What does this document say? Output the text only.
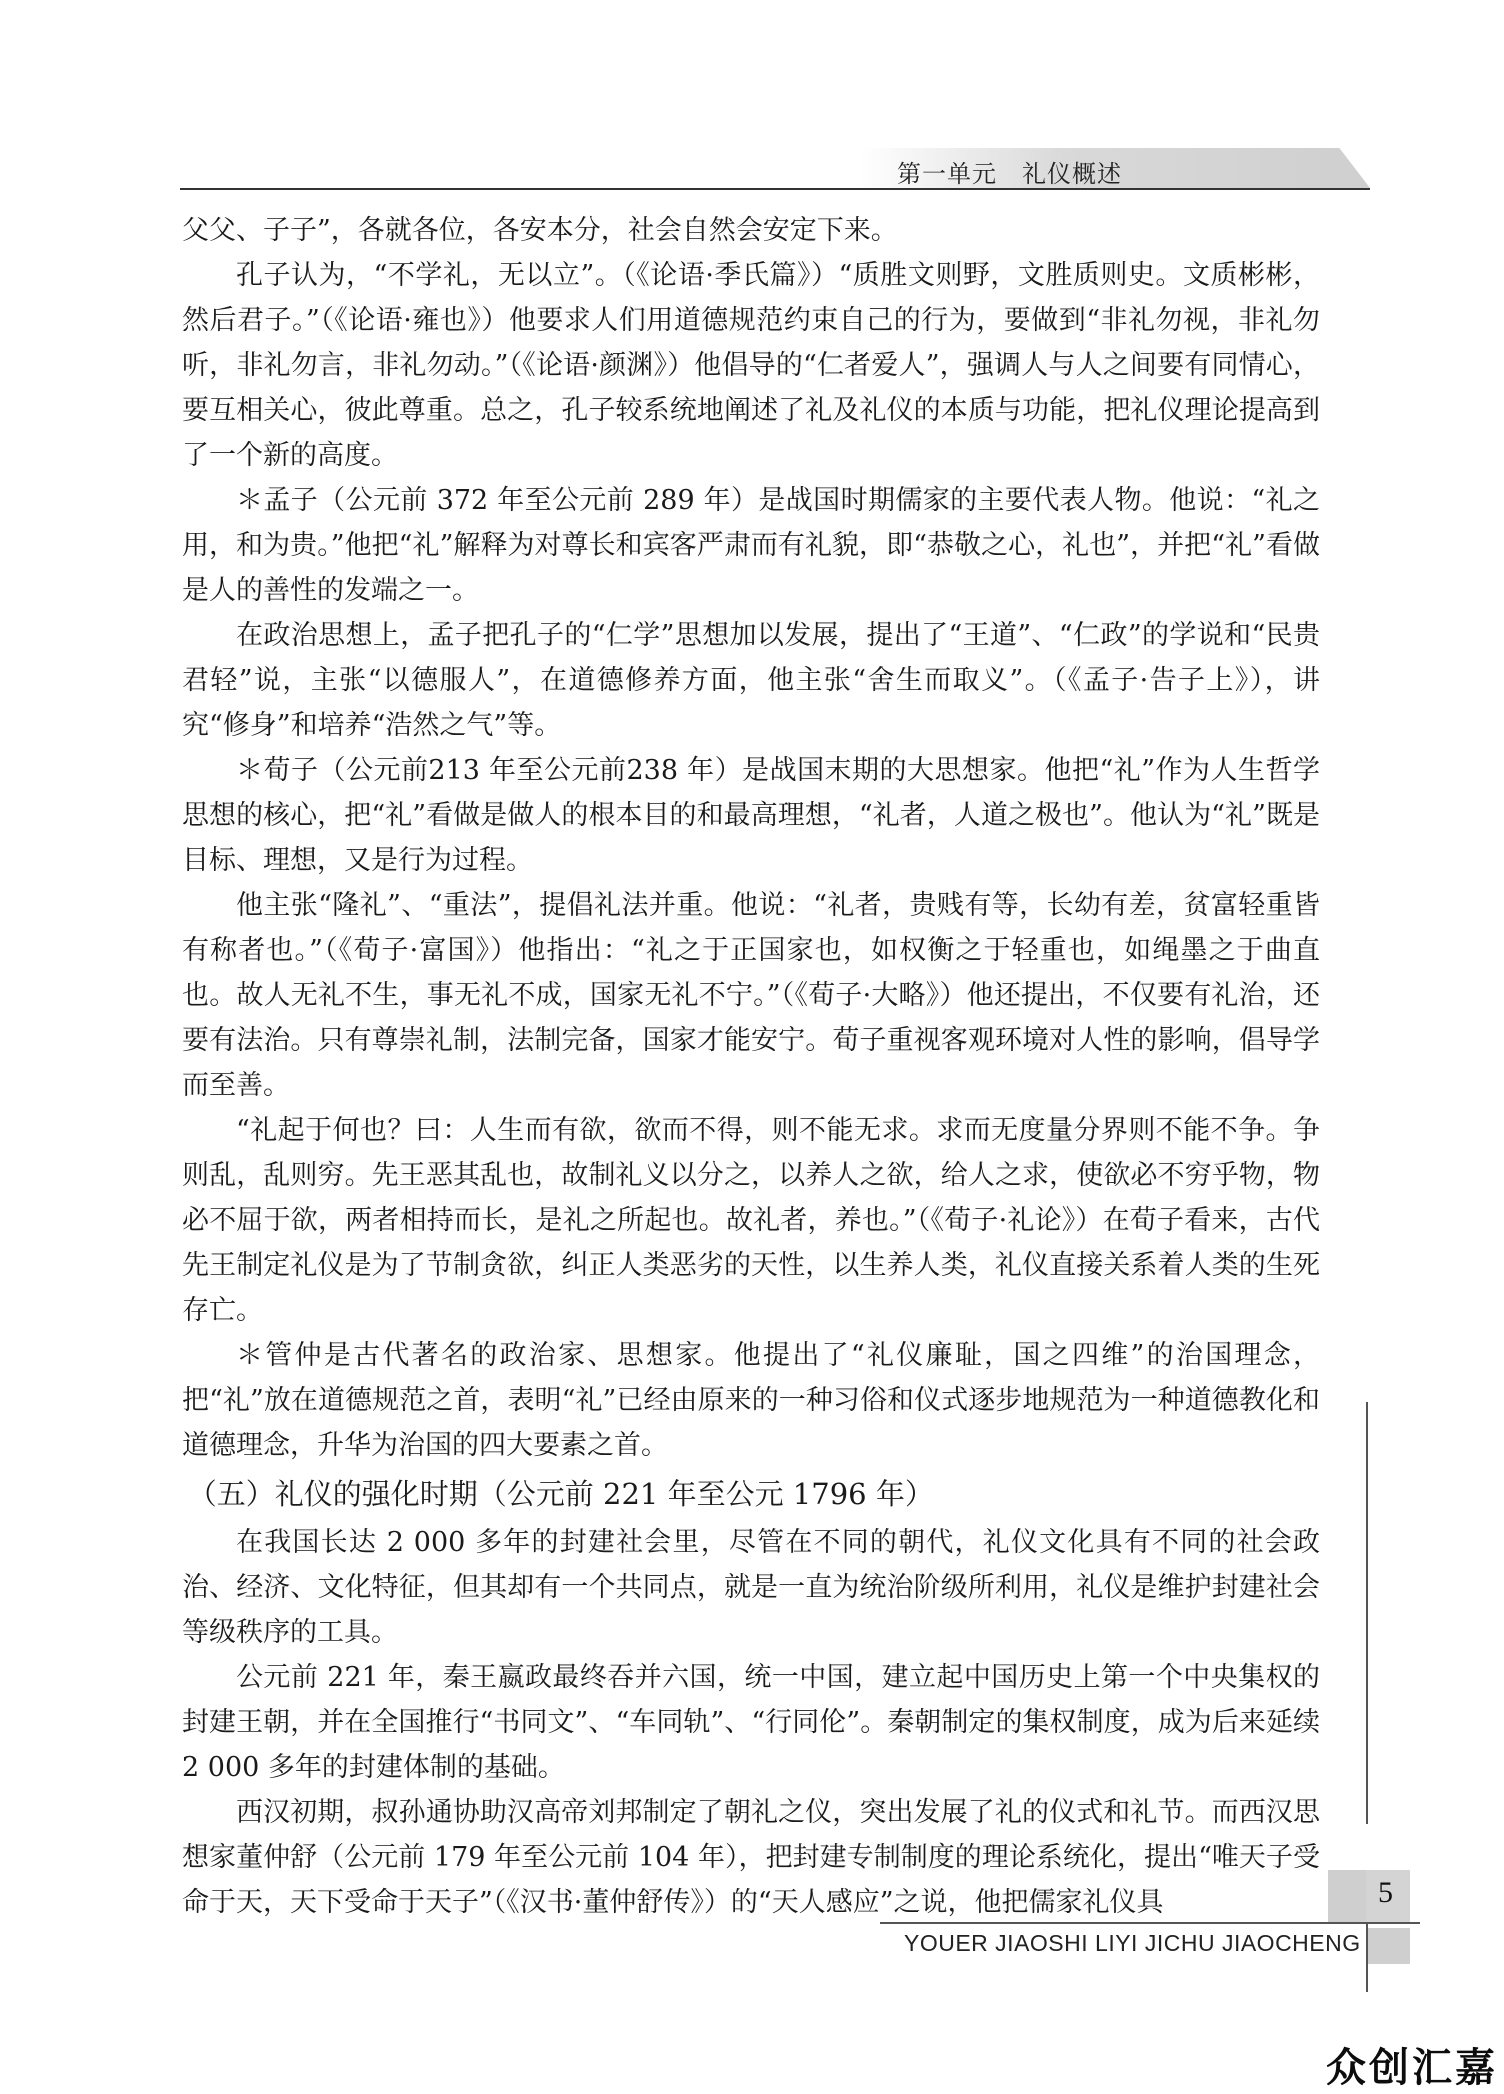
第一单元　礼仪概述

父父、子子”，各就各位，各安本分，社会自然会安定下来。

孔子认为，“不学礼，无以立”。（《论语·季氏篇》）“质胜文则野，文胜质则史。文质彬彬，然后君子。”（《论语·雍也》）他要求人们用道德规范约束自己的行为，要做到“非礼勿视，非礼勿听，非礼勿言，非礼勿动。”（《论语·颜渊》）他倡导的“仁者爱人”，强调人与人之间要有同情心，要互相关心，彼此尊重。总之，孔子较系统地阐述了礼及礼仪的本质与功能，把礼仪理论提高到了一个新的高度。

＊孟子（公元前 372 年至公元前 289 年）是战国时期儒家的主要代表人物。他说：“礼之用，和为贵。”他把“礼”解释为对尊长和宾客严肃而有礼貌，即“恭敬之心，礼也”，并把“礼”看做是人的善性的发端之一。

在政治思想上，孟子把孔子的“仁学”思想加以发展，提出了“王道”、“仁政”的学说和“民贵君轻”说，主张“以德服人”，在道德修养方面，他主张“舍生而取义”。（《孟子·告子上》），讲究“修身”和培养“浩然之气”等。

＊荀子（公元前213 年至公元前238 年）是战国末期的大思想家。他把“礼”作为人生哲学思想的核心，把“礼”看做是做人的根本目的和最高理想，“礼者，人道之极也”。他认为“礼”既是目标、理想，又是行为过程。

他主张“隆礼”、“重法”，提倡礼法并重。他说：“礼者，贵贱有等，长幼有差，贫富轻重皆有称者也。”（《荀子·富国》）他指出：“礼之于正国家也，如权衡之于轻重也，如绳墨之于曲直也。故人无礼不生，事无礼不成，国家无礼不宁。”（《荀子·大略》）他还提出，不仅要有礼治，还要有法治。只有尊崇礼制，法制完备，国家才能安宁。荀子重视客观环境对人性的影响，倡导学而至善。

“礼起于何也？曰：人生而有欲，欲而不得，则不能无求。求而无度量分界则不能不争。争则乱，乱则穷。先王恶其乱也，故制礼义以分之，以养人之欲，给人之求，使欲必不穷乎物，物必不屈于欲，两者相持而长，是礼之所起也。故礼者，养也。”（《荀子·礼论》）在荀子看来，古代先王制定礼仪是为了节制贪欲，纠正人类恶劣的天性，以生养人类，礼仪直接关系着人类的生死存亡。

＊管仲是古代著名的政治家、思想家。他提出了“礼仪廉耻，国之四维”的治国理念，把“礼”放在道德规范之首，表明“礼”已经由原来的一种习俗和仪式逐步地规范为一种道德教化和道德理念，升华为治国的四大要素之首。

（五）礼仪的强化时期（公元前 221 年至公元 1796 年）

在我国长达 2 000 多年的封建社会里，尽管在不同的朝代，礼仪文化具有不同的社会政治、经济、文化特征，但其却有一个共同点，就是一直为统治阶级所利用，礼仪是维护封建社会等级秩序的工具。

公元前 221 年，秦王嬴政最终吞并六国，统一中国，建立起中国历史上第一个中央集权的封建王朝，并在全国推行“书同文”、“车同轨”、“行同伦”。秦朝制定的集权制度，成为后来延续 2 000 多年的封建体制的基础。

西汉初期，叔孙通协助汉高帝刘邦制定了朝礼之仪，突出发展了礼的仪式和礼节。而西汉思想家董仲舒（公元前 179 年至公元前 104 年），把封建专制制度的理论系统化，提出“唯天子受命于天，天下受命于天子”（《汉书·董仲舒传》）的“天人感应”之说，他把儒家礼仪具	5
YOUER JIAOSHI LIYI JICHU JIAOCHENG
众创汇嘉
